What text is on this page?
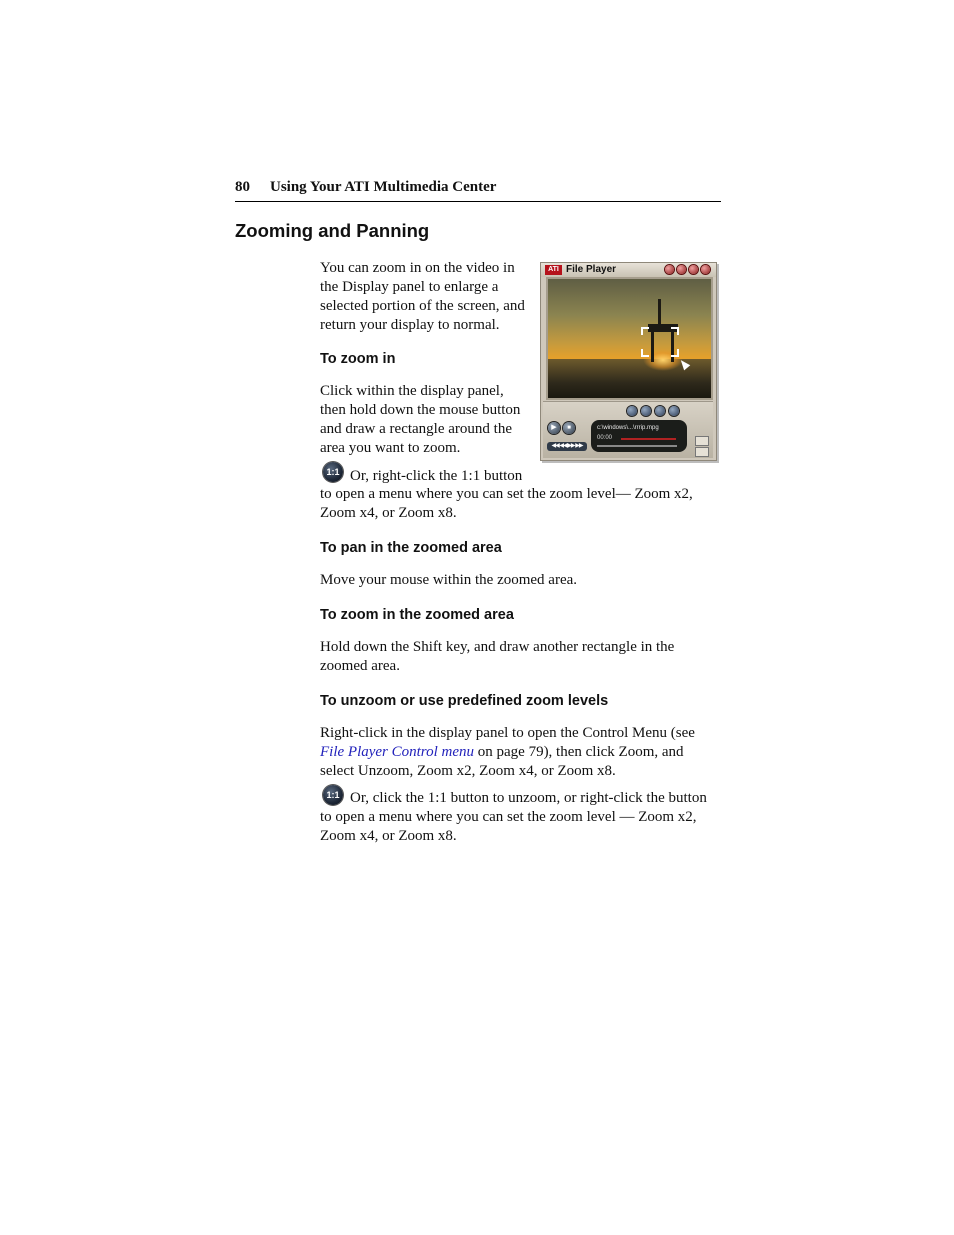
80 Using Your ATI Multimedia Center
Zooming and Panning
You can zoom in on the video in
the Display panel to enlarge a
selected portion of the screen, and
return your display to normal.
ATI File Player
▶	■
◀◀ ◀◀ ▶▶ ▶▶
c:\windows\...\rrrip.mpg
00:00
To zoom in
Click within the display panel,
then hold down the mouse button
and draw a rectangle around the
area you want to zoom.
1:1 Or, right-click the 1:1 button
to open a menu where you can set the zoom level— Zoom x2,
Zoom x4, or Zoom x8.
To pan in the zoomed area
Move your mouse within the zoomed area.
To zoom in the zoomed area
Hold down the Shift key, and draw another rectangle in the
zoomed area.
To unzoom or use predefined zoom levels
Right-click in the display panel to open the Control Menu (see
File Player Control menu on page 79), then click Zoom, and
select Unzoom, Zoom x2, Zoom x4, or Zoom x8.
1:1 Or, click the 1:1 button to unzoom, or right-click the button
to open a menu where you can set the zoom level — Zoom x2,
Zoom x4, or Zoom x8.
